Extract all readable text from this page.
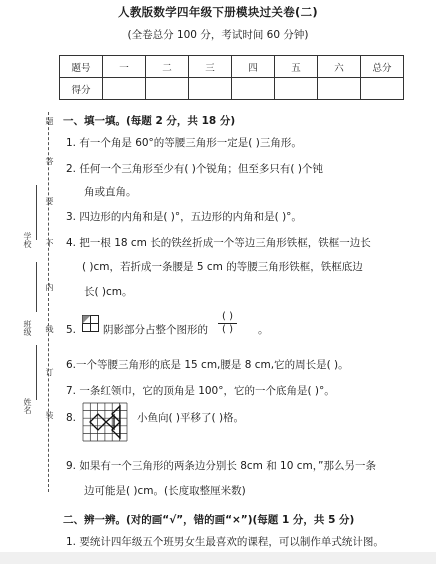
人教版数学四年级下册模块过关卷(二)
(全卷总分 100 分，考试时间 60 分钟)
题号	一	二	三	四	五	六	总分
得分							
题
答
要
不
内
线
订
装
学校
班级
姓名
一、填一填。(每题 2 分，共 18 分)
1. 有一个角是 60°的等腰三角形一定是( )三角形。
2. 任何一个三角形至少有( )个锐角；但至多只有( )个钝
角或直角。
3. 四边形的内角和是( )°，五边形的内角和是( )°。
4. 把一根 18 cm 长的铁丝折成一个等边三角形铁框，铁框一边长
( )cm，若折成一条腰是 5 cm 的等腰三角形铁框，铁框底边
长( )cm。
5.	阴影部分占整个图形的
( )
( )	。
6.一个等腰三角形的底是 15 cm,腰是 8 cm,它的周长是( )。
7. 一条红领巾，它的顶角是 100°，它的一个底角是( )°。
8.	小鱼向( )平移了( )格。
9. 如果有一个三角形的两条边分别长 8cm 和 10 cm，”那么另一条
边可能是( )cm。(长度取整厘米数)
二、辨一辨。(对的画“√”，错的画“×”)(每题 1 分，共 5 分)
1. 要统计四年级五个班男女生最喜欢的课程，可以制作单式统计图。
